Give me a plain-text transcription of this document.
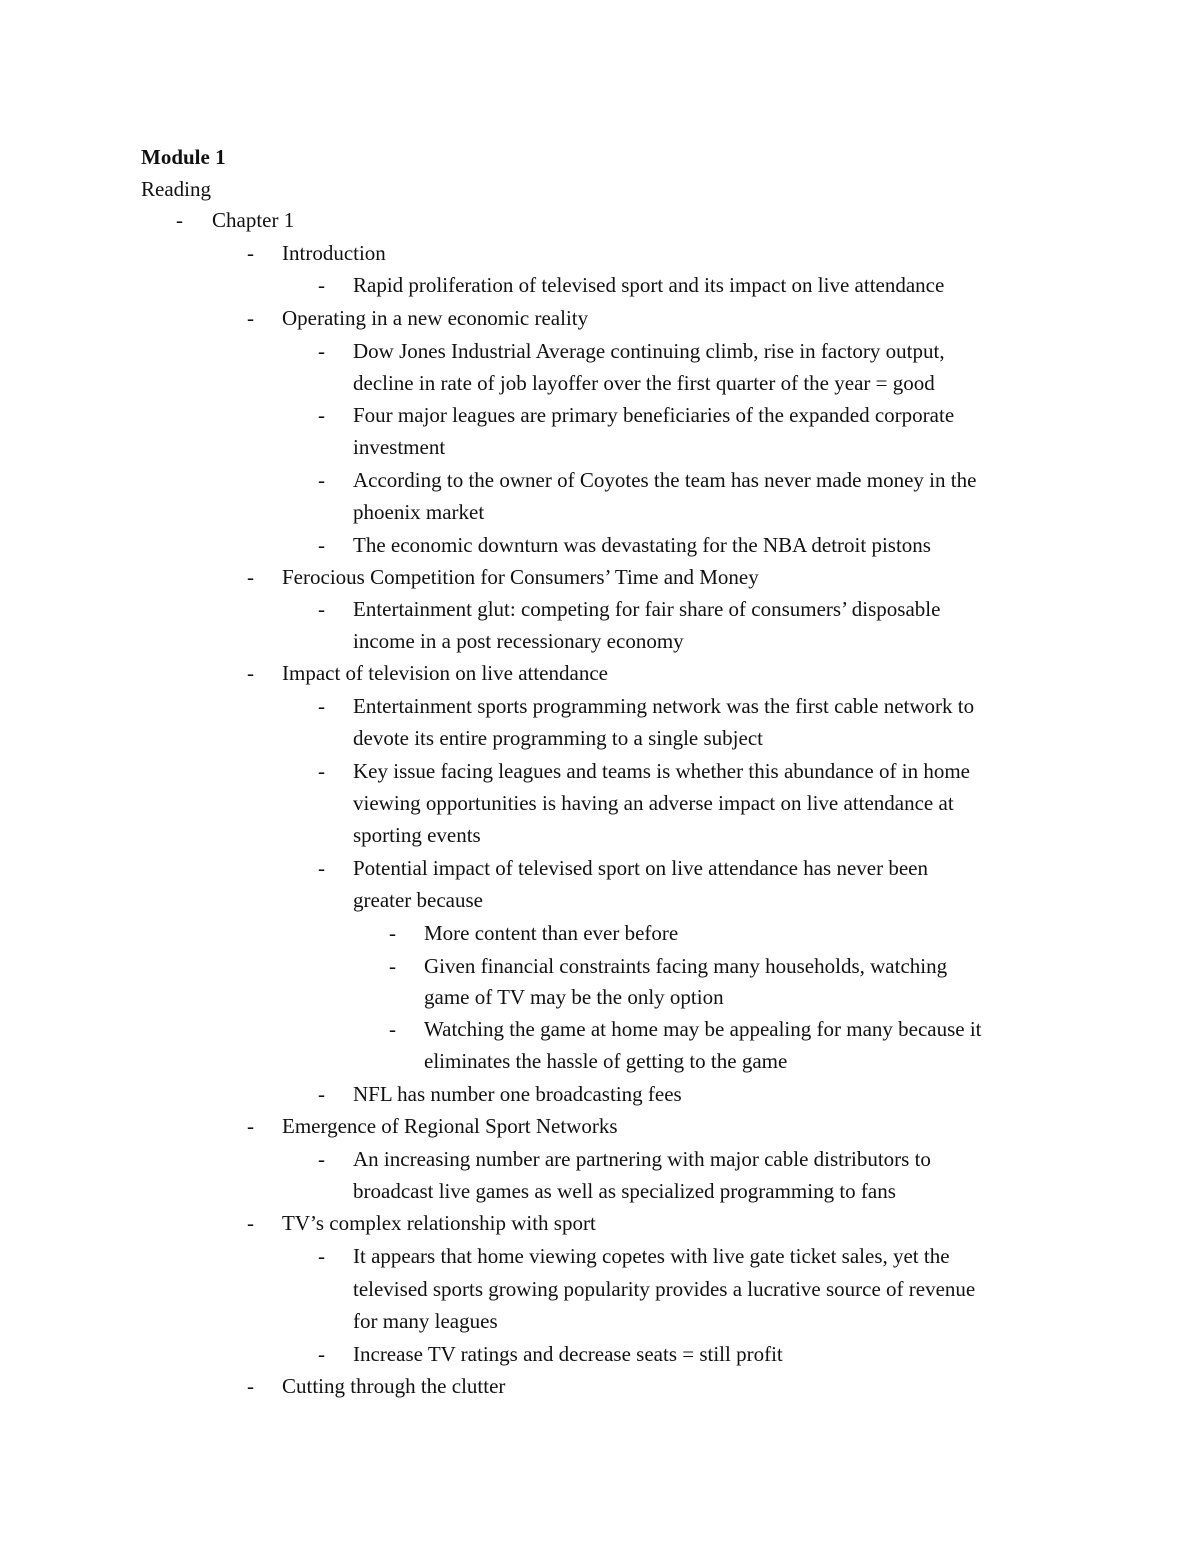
Module 1
Reading
- Chapter 1
- Introduction
- Rapid proliferation of televised sport and its impact on live attendance
- Operating in a new economic reality
- Dow Jones Industrial Average continuing climb, rise in factory output,
decline in rate of job layoffer over the first quarter of the year = good
- Four major leagues are primary beneficiaries of the expanded corporate
investment
- According to the owner of Coyotes the team has never made money in the
phoenix market
- The economic downturn was devastating for the NBA detroit pistons
- Ferocious Competition for Consumers’ Time and Money
- Entertainment glut: competing for fair share of consumers’ disposable
income in a post recessionary economy
- Impact of television on live attendance
- Entertainment sports programming network was the first cable network to
devote its entire programming to a single subject
- Key issue facing leagues and teams is whether this abundance of in home
viewing opportunities is having an adverse impact on live attendance at
sporting events
- Potential impact of televised sport on live attendance has never been
greater because
- More content than ever before
- Given financial constraints facing many households, watching
game of TV may be the only option
- Watching the game at home may be appealing for many because it
eliminates the hassle of getting to the game
- NFL has number one broadcasting fees
- Emergence of Regional Sport Networks
- An increasing number are partnering with major cable distributors to
broadcast live games as well as specialized programming to fans
- TV’s complex relationship with sport
- It appears that home viewing copetes with live gate ticket sales, yet the
televised sports growing popularity provides a lucrative source of revenue
for many leagues
- Increase TV ratings and decrease seats = still profit
- Cutting through the clutter
